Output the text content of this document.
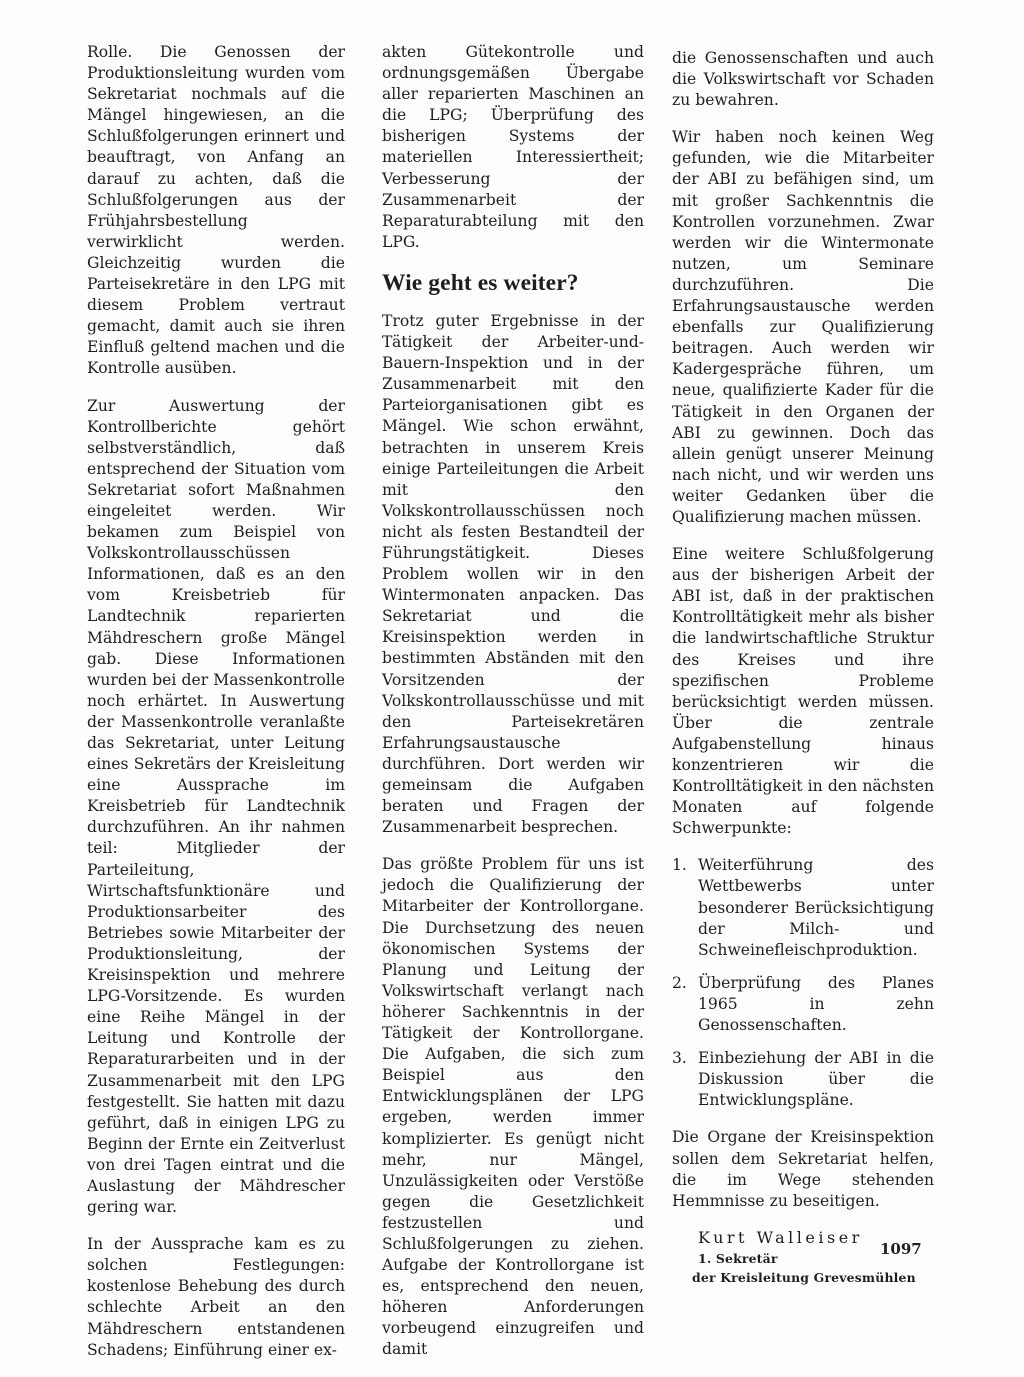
Rolle. Die Genossen der Produktionsleitung wurden vom Sekretariat nochmals auf die Mängel hingewiesen, an die Schlußfolgerungen erinnert und beauftragt, von Anfang an darauf zu achten, daß die Schlußfolgerungen aus der Frühjahrsbestellung verwirklicht werden. Gleichzeitig wurden die Parteisekretäre in den LPG mit diesem Problem vertraut gemacht, damit auch sie ihren Einfluß geltend machen und die Kontrolle ausüben.

Zur Auswertung der Kontrollberichte gehört selbstverständlich, daß entsprechend der Situation vom Sekretariat sofort Maßnahmen eingeleitet werden. Wir bekamen zum Beispiel von Volkskontrollausschüssen Informationen, daß es an den vom Kreisbetrieb für Landtechnik reparierten Mähdreschern große Mängel gab. Diese Informationen wurden bei der Massenkontrolle noch erhärtet. In Auswertung der Massenkontrolle veranlaßte das Sekretariat, unter Leitung eines Sekretärs der Kreisleitung eine Aussprache im Kreisbetrieb für Landtechnik durchzuführen. An ihr nahmen teil: Mitglieder der Parteileitung, Wirtschaftsfunktionäre und Produktionsarbeiter des Betriebes sowie Mitarbeiter der Produktionsleitung, der Kreisinspektion und mehrere LPG-Vorsitzende. Es wurden eine Reihe Mängel in der Leitung und Kontrolle der Reparaturarbeiten und in der Zusammenarbeit mit den LPG festgestellt. Sie hatten mit dazu geführt, daß in einigen LPG zu Beginn der Ernte ein Zeitverlust von drei Tagen eintrat und die Auslastung der Mähdrescher gering war.

In der Aussprache kam es zu solchen Festlegungen: kostenlose Behebung des durch schlechte Arbeit an den Mähdreschern entstandenen Schadens; Einführung einer ex-

akten Gütekontrolle und ordnungsgemäßen Übergabe aller reparierten Maschinen an die LPG; Überprüfung des bisherigen Systems der materiellen Interessiertheit; Verbesserung der Zusammenarbeit der Reparaturabteilung mit den LPG.

Wie geht es weiter?

Trotz guter Ergebnisse in der Tätigkeit der Arbeiter-und-Bauern-Inspektion und in der Zusammenarbeit mit den Parteiorganisationen gibt es Mängel. Wie schon erwähnt, betrachten in unserem Kreis einige Parteileitungen die Arbeit mit den Volkskontrollausschüssen noch nicht als festen Bestandteil der Führungstätigkeit. Dieses Problem wollen wir in den Wintermonaten anpacken. Das Sekretariat und die Kreisinspektion werden in bestimmten Abständen mit den Vorsitzenden der Volkskontrollausschüsse und mit den Parteisekretären Erfahrungsaustausche durchführen. Dort werden wir gemeinsam die Aufgaben beraten und Fragen der Zusammenarbeit besprechen.

Das größte Problem für uns ist jedoch die Qualifizierung der Mitarbeiter der Kontrollorgane. Die Durchsetzung des neuen ökonomischen Systems der Planung und Leitung der Volkswirtschaft verlangt nach höherer Sachkenntnis in der Tätigkeit der Kontrollorgane. Die Aufgaben, die sich zum Beispiel aus den Entwicklungsplänen der LPG ergeben, werden immer komplizierter. Es genügt nicht mehr, nur Mängel, Unzulässigkeiten oder Verstöße gegen die Gesetzlichkeit festzustellen und Schlußfolgerungen zu ziehen. Aufgabe der Kontrollorgane ist es, entsprechend den neuen, höheren Anforderungen vorbeugend einzugreifen und damit

die Genossenschaften und auch die Volkswirtschaft vor Schaden zu bewahren.

Wir haben noch keinen Weg gefunden, wie die Mitarbeiter der ABI zu befähigen sind, um mit großer Sachkenntnis die Kontrollen vorzunehmen. Zwar werden wir die Wintermonate nutzen, um Seminare durchzuführen. Die Erfahrungsaustausche werden ebenfalls zur Qualifizierung beitragen. Auch werden wir Kadergespräche führen, um neue, qualifizierte Kader für die Tätigkeit in den Organen der ABI zu gewinnen. Doch das allein genügt unserer Meinung nach nicht, und wir werden uns weiter Gedanken über die Qualifizierung machen müssen.

Eine weitere Schlußfolgerung aus der bisherigen Arbeit der ABI ist, daß in der praktischen Kontrolltätigkeit mehr als bisher die landwirtschaftliche Struktur des Kreises und ihre spezifischen Probleme berücksichtigt werden müssen. Über die zentrale Aufgabenstellung hinaus konzentrieren wir die Kontrolltätigkeit in den nächsten Monaten auf folgende Schwerpunkte:

1. Weiterführung des Wettbewerbs unter besonderer Berücksichtigung der Milch- und Schweinefleischproduktion.
2. Überprüfung des Planes 1965 in zehn Genossenschaften.
3. Einbeziehung der ABI in die Diskussion über die Entwicklungspläne.

Die Organe der Kreisinspektion sollen dem Sekretariat helfen, die im Wege stehenden Hemmnisse zu beseitigen.

Kurt Walleiser
1. Sekretär
der Kreisleitung Grevesmühlen
1097
